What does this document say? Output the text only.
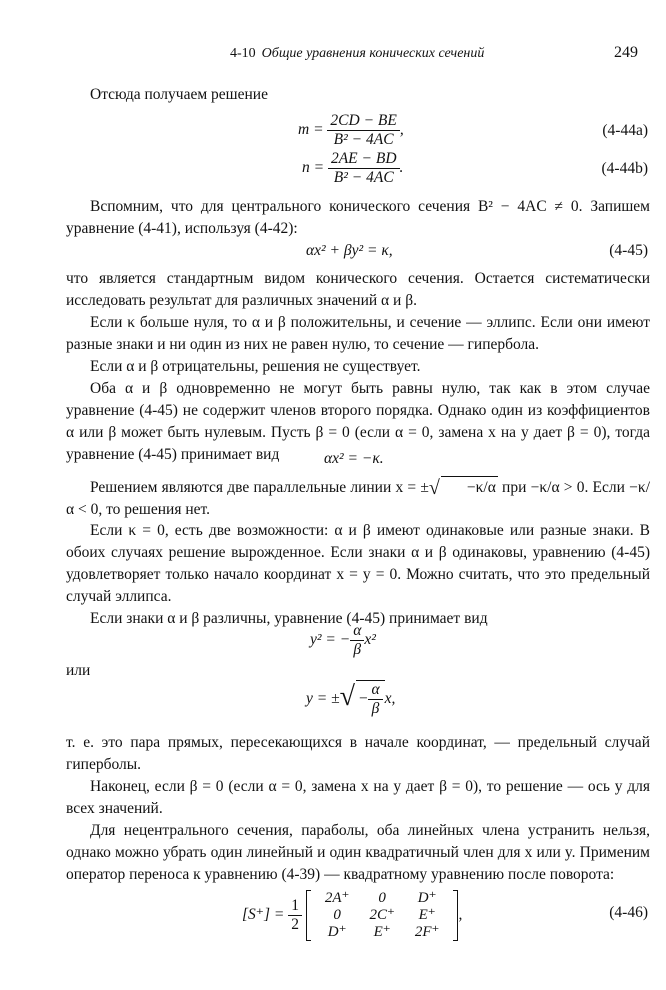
4-10 Общие уравнения конических сечений	249
Отсюда получаем решение
$m = \frac{2CD - BE}{\text{B² − 4AC}}$ ,	(4-44a)
$n = \frac{2AE - BD}{\text{B² − 4AC}}$ .	(4-44b)
Вспомним, что для центрального конического сечения B² − 4AC ≠ 0. Запишем уравнение (4-41), используя (4-42):
αx² + βy² = κ,	(4-45)
что является стандартным видом конического сечения. Остается систематически исследовать результат для различных значений α и β.
Если κ больше нуля, то α и β положительны, и сечение — эллипс. Если они имеют разные знаки и ни один из них не равен нулю, то сечение — гипербола.
Если α и β отрицательны, решения не существует.
Оба α и β одновременно не могут быть равны нулю, так как в этом случае уравнение (4-45) не содержит членов второго порядка. Однако один из коэффициентов α или β может быть нулевым. Пусть β = 0 (если α = 0, замена x на y дает β = 0), тогда уравнение (4-45) принимает вид	αx² = −κ.
Решением являются две параллельные линии x = ±√ −κ/α при −κ/α > 0. Если −κ/α < 0, то решения нет.
Если κ = 0, есть две возможности: α и β имеют одинаковые или разные знаки. В обоих случаях решение вырожденное. Если знаки α и β одинаковы, уравнению (4-45) удовлетворяет только начало координат x = y = 0. Можно считать, что это предельный случай эллипса.
Если знаки α и β различны, уравнение (4-45) принимает вид
y² = − $\frac{\alpha}{\beta} x^2$
или
y = ±√ − $\frac{\alpha}{\beta} x$,
т. е. это пара прямых, пересекающихся в начале координат, — предельный случай гиперболы.
Наконец, если β = 0 (если α = 0, замена x на y дает β = 0), то решение — ось y для всех значений.
Для нецентрального сечения, параболы, оба линейных члена устранить нельзя, однако можно убрать один линейный и один квадратичный член для x или y. Применим оператор переноса к уравнению (4-39) — квадратному уравнению после поворота:
$[S^+] = \frac{1}{2}$
2A⁺	0	D⁺
0	2C⁺	E⁺
D⁺	E⁺	2F⁺
,	(4-46)
